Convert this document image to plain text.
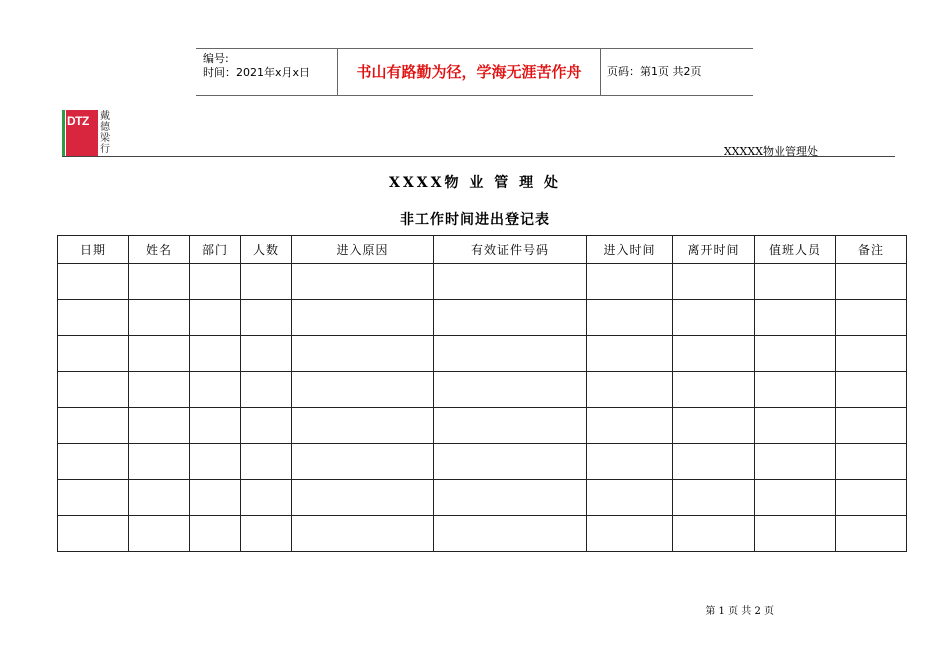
编号:
时间：2021年x月x日	书山有路勤为径，学海无涯苦作舟	页码：第1页 共2页
DTZ	戴
德
梁
行	XXXXX物业管理处
XXXX物 业 管 理 处
非工作时间进出登记表
日期	姓名	部门	人数	进入原因	有效证件号码	进入时间	离开时间	值班人员	备注

第 1 页 共 2 页
